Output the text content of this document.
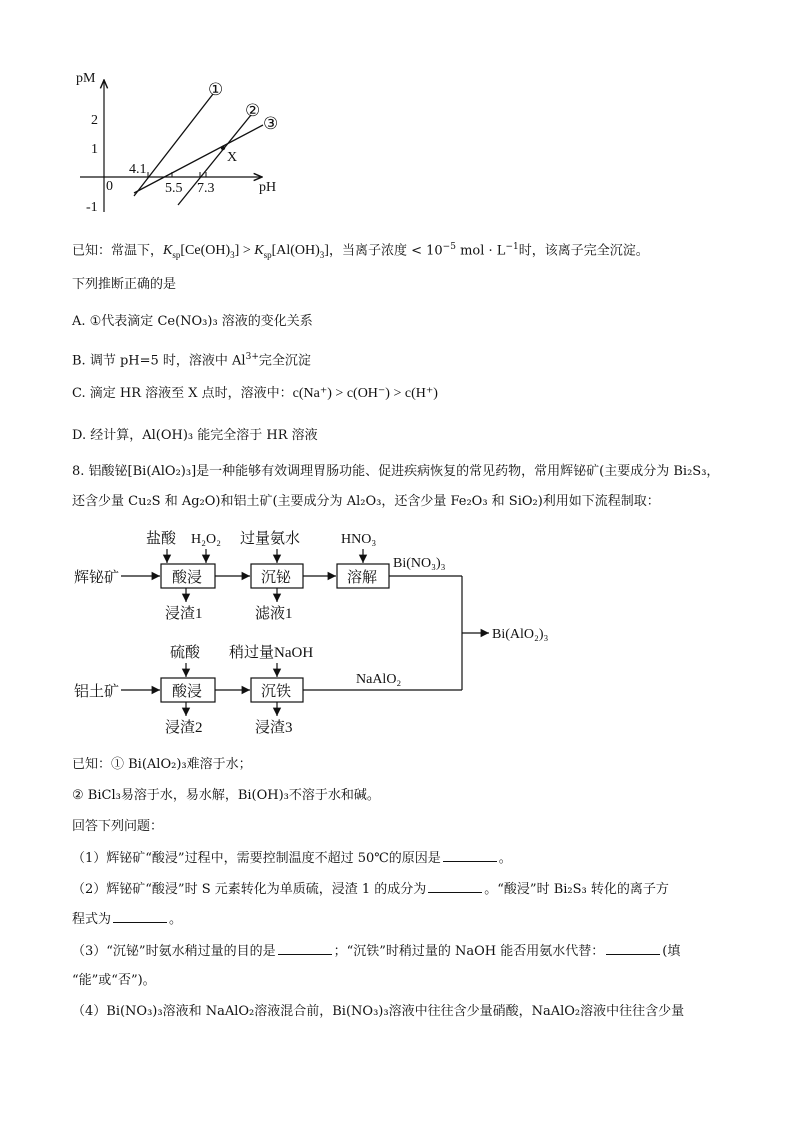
pM
pH
2
1
-1
0
4.1
5.5 7.3
X
①
②
③
已知：常温下，$K_{sp}[Ce(OH)_3] > K_{sp}[Al(OH)_3]$，当离子浓度 < $10^{-5}$ mol · $L^{-1}$时，该离子完全沉淀。
下列推断正确的是
A. ①代表滴定 Ce(NO₃)₃ 溶液的变化关系
B. 调节 pH=5 时，溶液中 $Al^{3+}$完全沉淀
C. 滴定 HR 溶液至 X 点时，溶液中：c(Na⁺) > c(OH⁻) > c(H⁺)
D. 经计算，Al(OH)₃ 能完全溶于 HR 溶液
8. 铝酸铋[Bi(AlO₂)₃]是一种能够有效调理胃肠功能、促进疾病恢复的常见药物，常用辉铋矿(主要成分为 Bi₂S₃，
还含少量 Cu₂S 和 Ag₂O)和铝土矿(主要成分为 Al₂O₃，还含少量 Fe₂O₃ 和 SiO₂)利用如下流程制取：
辉铋矿	酸浸	沉铋	溶解
Bi(NO₃)₃
盐酸 H₂O₂ 过量氨水	HNO₃
浸渣1	滤液1
Bi(AlO₂)₃
铝土矿	酸浸	沉铁
NaAlO₂
硫酸 稍过量NaOH
浸渣2	浸渣3
已知：① Bi(AlO₂)₃难溶于水；
② BiCl₃易溶于水，易水解，Bi(OH)₃不溶于水和碱。
回答下列问题：
（1）辉铋矿“酸浸”过程中，需要控制温度不超过 50℃的原因是	。
（2）辉铋矿“酸浸”时 S 元素转化为单质硫，浸渣 1 的成分为	。“酸浸”时 Bi₂S₃ 转化的离子方
程式为	。
（3）“沉铋”时氨水稍过量的目的是	；“沉铁”时稍过量的 NaOH 能否用氨水代替：	(填
“能”或“否”)。
（4）Bi(NO₃)₃溶液和 NaAlO₂溶液混合前，Bi(NO₃)₃溶液中往往含少量硝酸，NaAlO₂溶液中往往含少量
